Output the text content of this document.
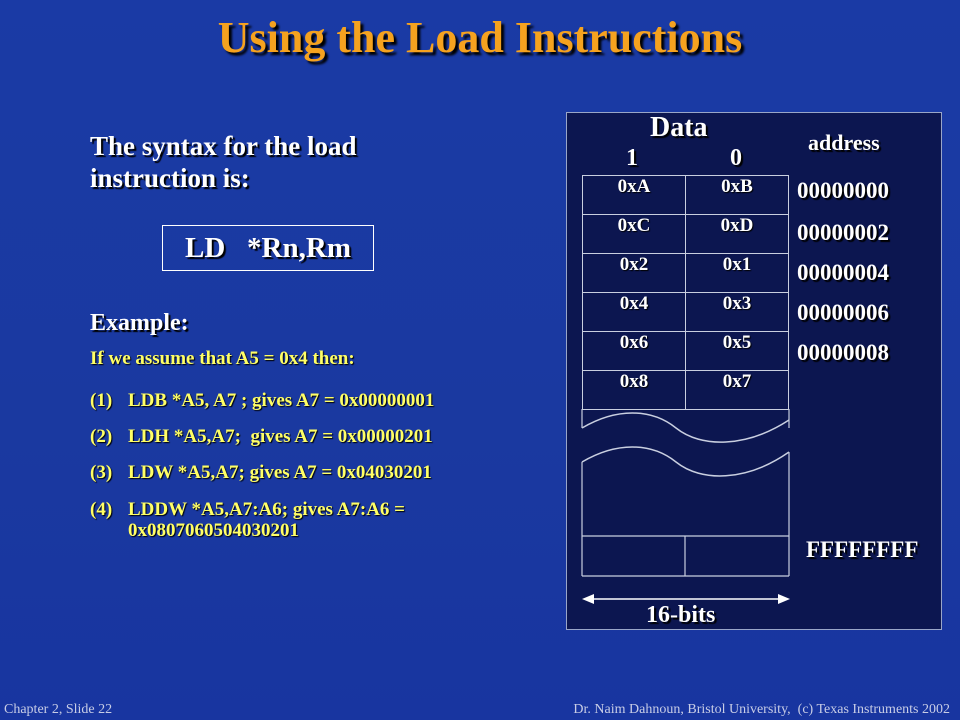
Using the Load Instructions
The syntax for the load instruction is:
LD   *Rn,Rm
Example:
If we assume that A5 = 0x4 then:
(1) LDB *A5, A7 ; gives A7 = 0x00000001
(2) LDH *A5,A7;  gives A7 = 0x00000201
(3) LDW *A5,A7; gives A7 = 0x04030201
(4) LDDW *A5,A7:A6; gives A7:A6 = 0x0807060504030201
Data
1	0
address
0xA	0xB
0xC	0xD
0x2	0x1
0x4	0x3
0x6	0x5
0x8	0x7
00000000
00000002
00000004
00000006
00000008
FFFFFFFF
16-bits
Chapter 2, Slide 22	Dr. Naim Dahnoun, Bristol University,  (c) Texas Instruments 2002
